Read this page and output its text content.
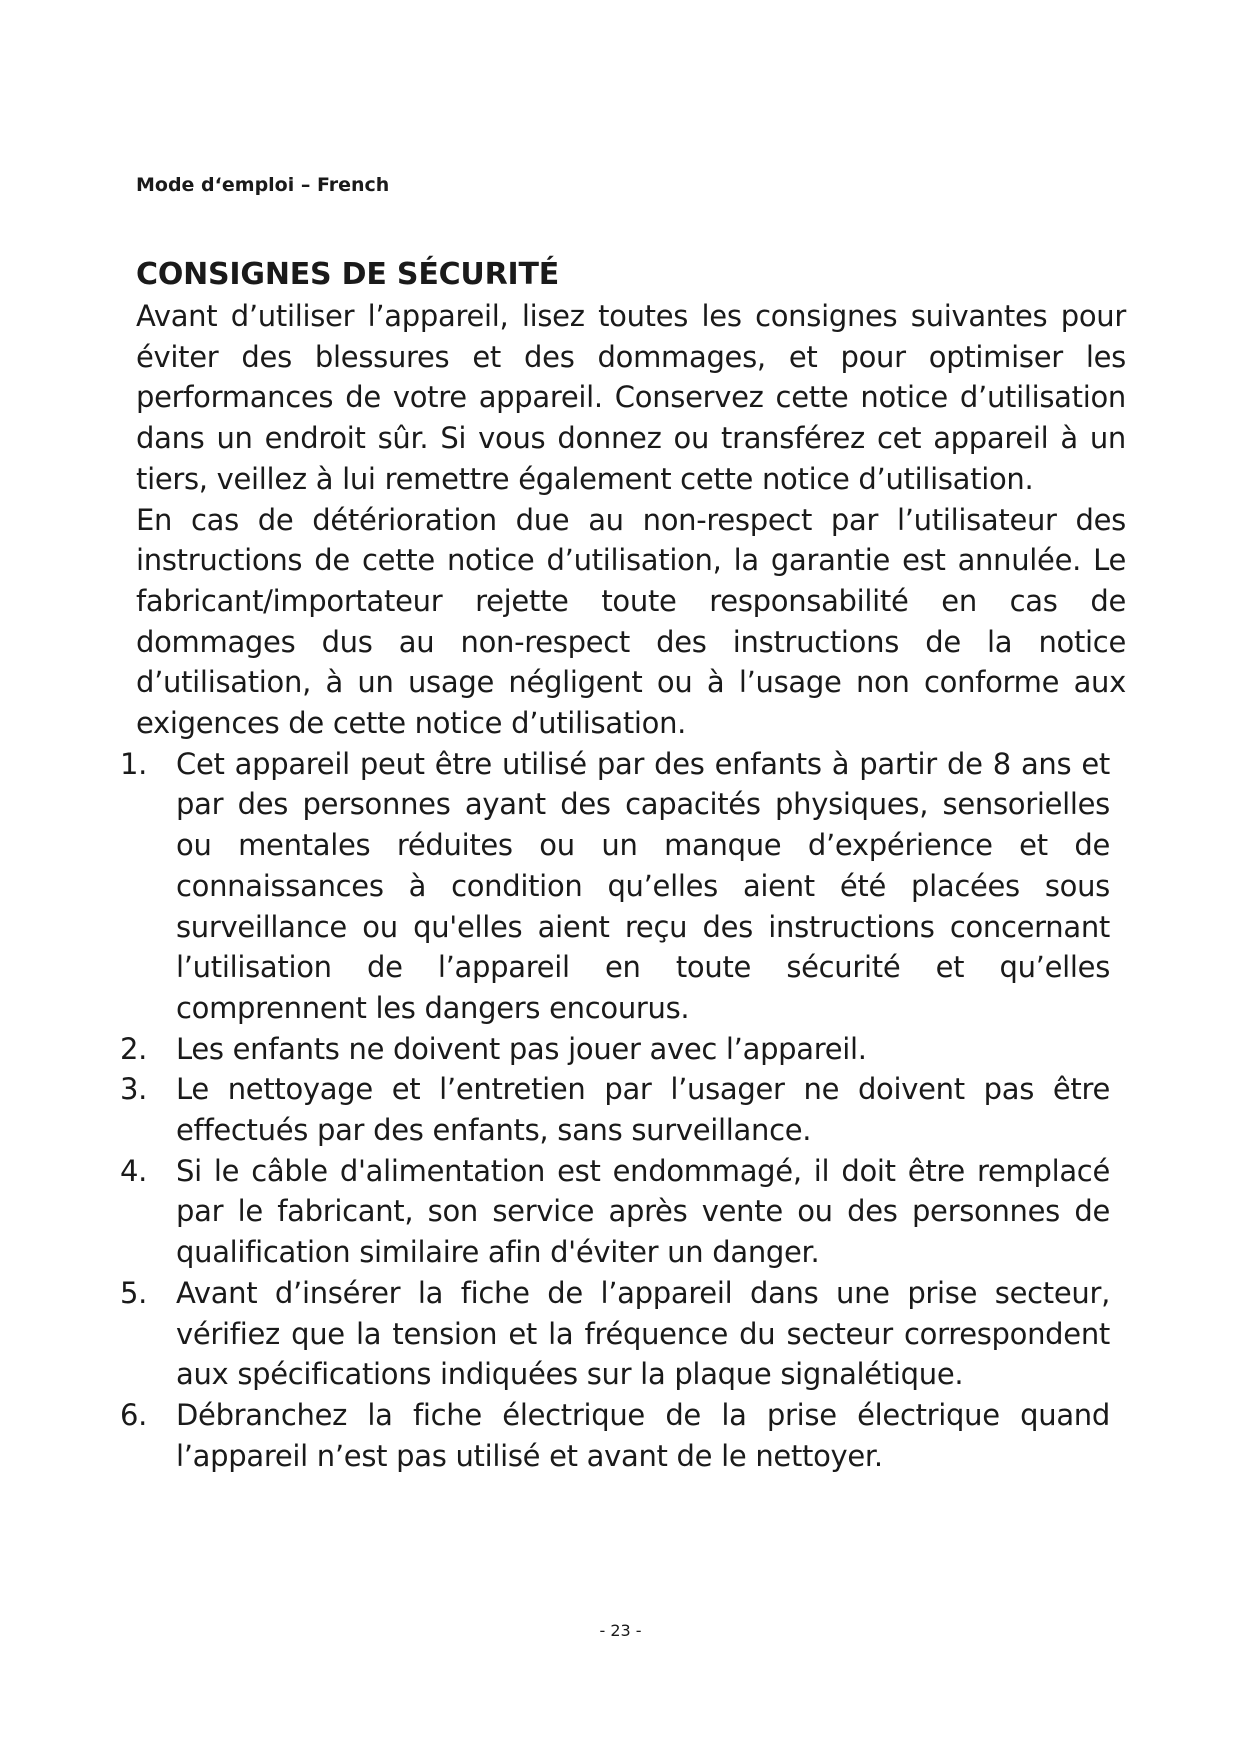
Mode d‘emploi – French
CONSIGNES DE SÉCURITÉ

Avant d’utiliser l’appareil, lisez toutes les consignes suivantes pour éviter des blessures et des dommages, et pour optimiser les performances de votre appareil. Conservez cette notice d’utilisation dans un endroit sûr. Si vous donnez ou transférez cet appareil à un tiers, veillez à lui remettre également cette notice d’utilisation.

En cas de détérioration due au non-respect par l’utilisateur des instructions de cette notice d’utilisation, la garantie est annulée. Le fabricant/importateur rejette toute responsabilité en cas de dommages dus au non-respect des instructions de la notice d’utilisation, à un usage négligent ou à l’usage non conforme aux exigences de cette notice d’utilisation.

1. Cet appareil peut être utilisé par des enfants à partir de 8 ans et par des personnes ayant des capacités physiques, sensorielles ou mentales réduites ou un manque d’expérience et de connaissances à condition qu’elles aient été placées sous surveillance ou qu'elles aient reçu des instructions concernant l’utilisation de l’appareil en toute sécurité et qu’elles comprennent les dangers encourus.
2. Les enfants ne doivent pas jouer avec l’appareil.
3. Le nettoyage et l’entretien par l’usager ne doivent pas être effectués par des enfants, sans surveillance.
4. Si le câble d'alimentation est endommagé, il doit être remplacé par le fabricant, son service après vente ou des personnes de qualification similaire afin d'éviter un danger.
5. Avant d’insérer la fiche de l’appareil dans une prise secteur, vérifiez que la tension et la fréquence du secteur correspondent aux spécifications indiquées sur la plaque signalétique.
6. Débranchez la fiche électrique de la prise électrique quand l’appareil n’est pas utilisé et avant de le nettoyer.
- 23 -
